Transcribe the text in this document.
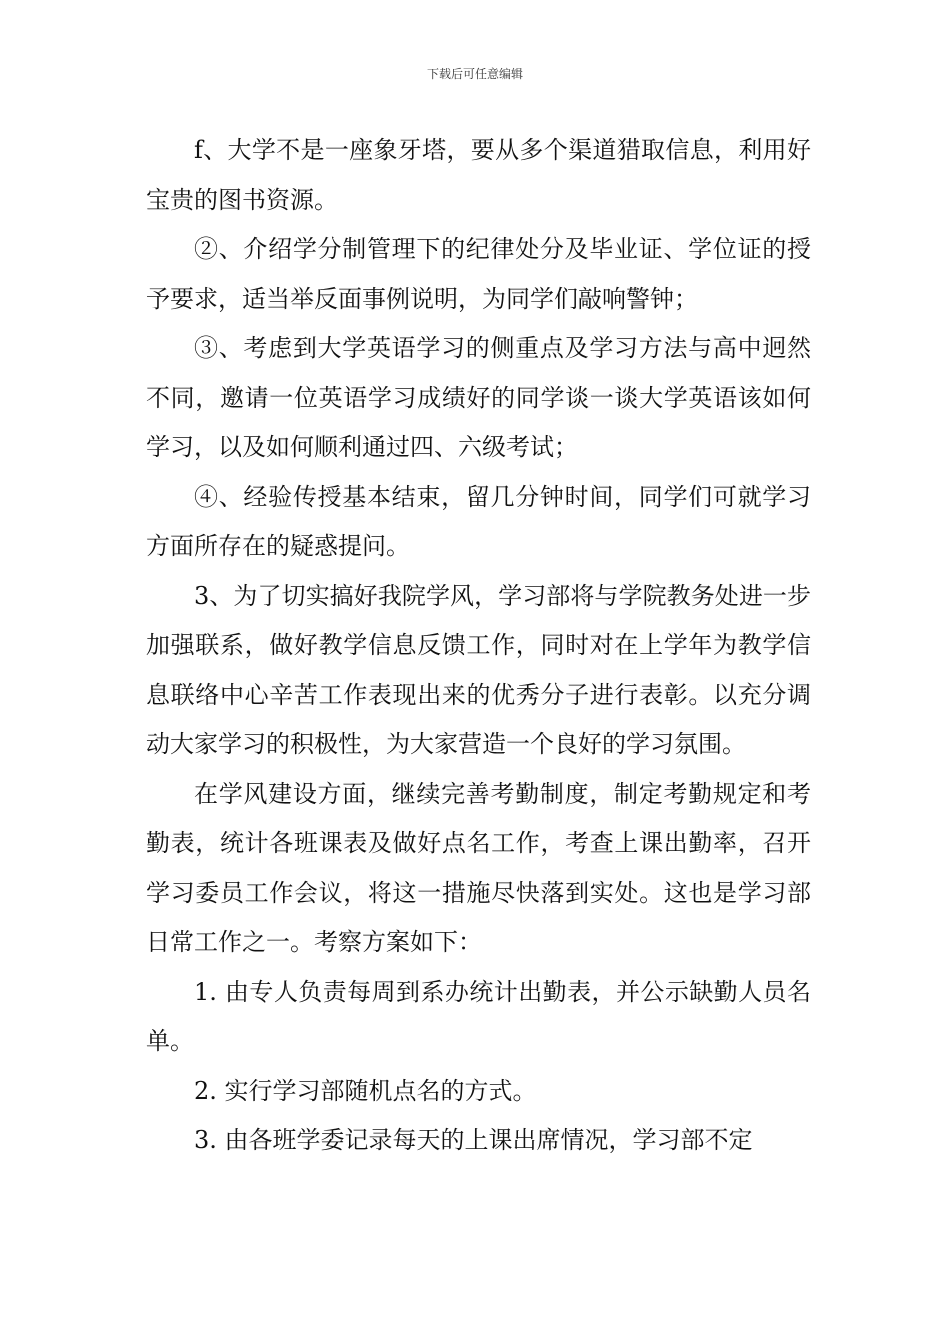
下载后可任意编辑

f、大学不是一座象牙塔，要从多个渠道猎取信息，利用好宝贵的图书资源。

②、介绍学分制管理下的纪律处分及毕业证、学位证的授予要求，适当举反面事例说明，为同学们敲响警钟；

③、考虑到大学英语学习的侧重点及学习方法与高中迥然不同，邀请一位英语学习成绩好的同学谈一谈大学英语该如何学习，以及如何顺利通过四、六级考试；

④、经验传授基本结束，留几分钟时间，同学们可就学习方面所存在的疑惑提问。

3、为了切实搞好我院学风，学习部将与学院教务处进一步加强联系，做好教学信息反馈工作，同时对在上学年为教学信息联络中心辛苦工作表现出来的优秀分子进行表彰。以充分调动大家学习的积极性，为大家营造一个良好的学习氛围。

在学风建设方面，继续完善考勤制度，制定考勤规定和考勤表，统计各班课表及做好点名工作，考查上课出勤率，召开学习委员工作会议，将这一措施尽快落到实处。这也是学习部日常工作之一。考察方案如下：

1. 由专人负责每周到系办统计出勤表，并公示缺勤人员名单。

2. 实行学习部随机点名的方式。

3. 由各班学委记录每天的上课出席情况，学习部不定
